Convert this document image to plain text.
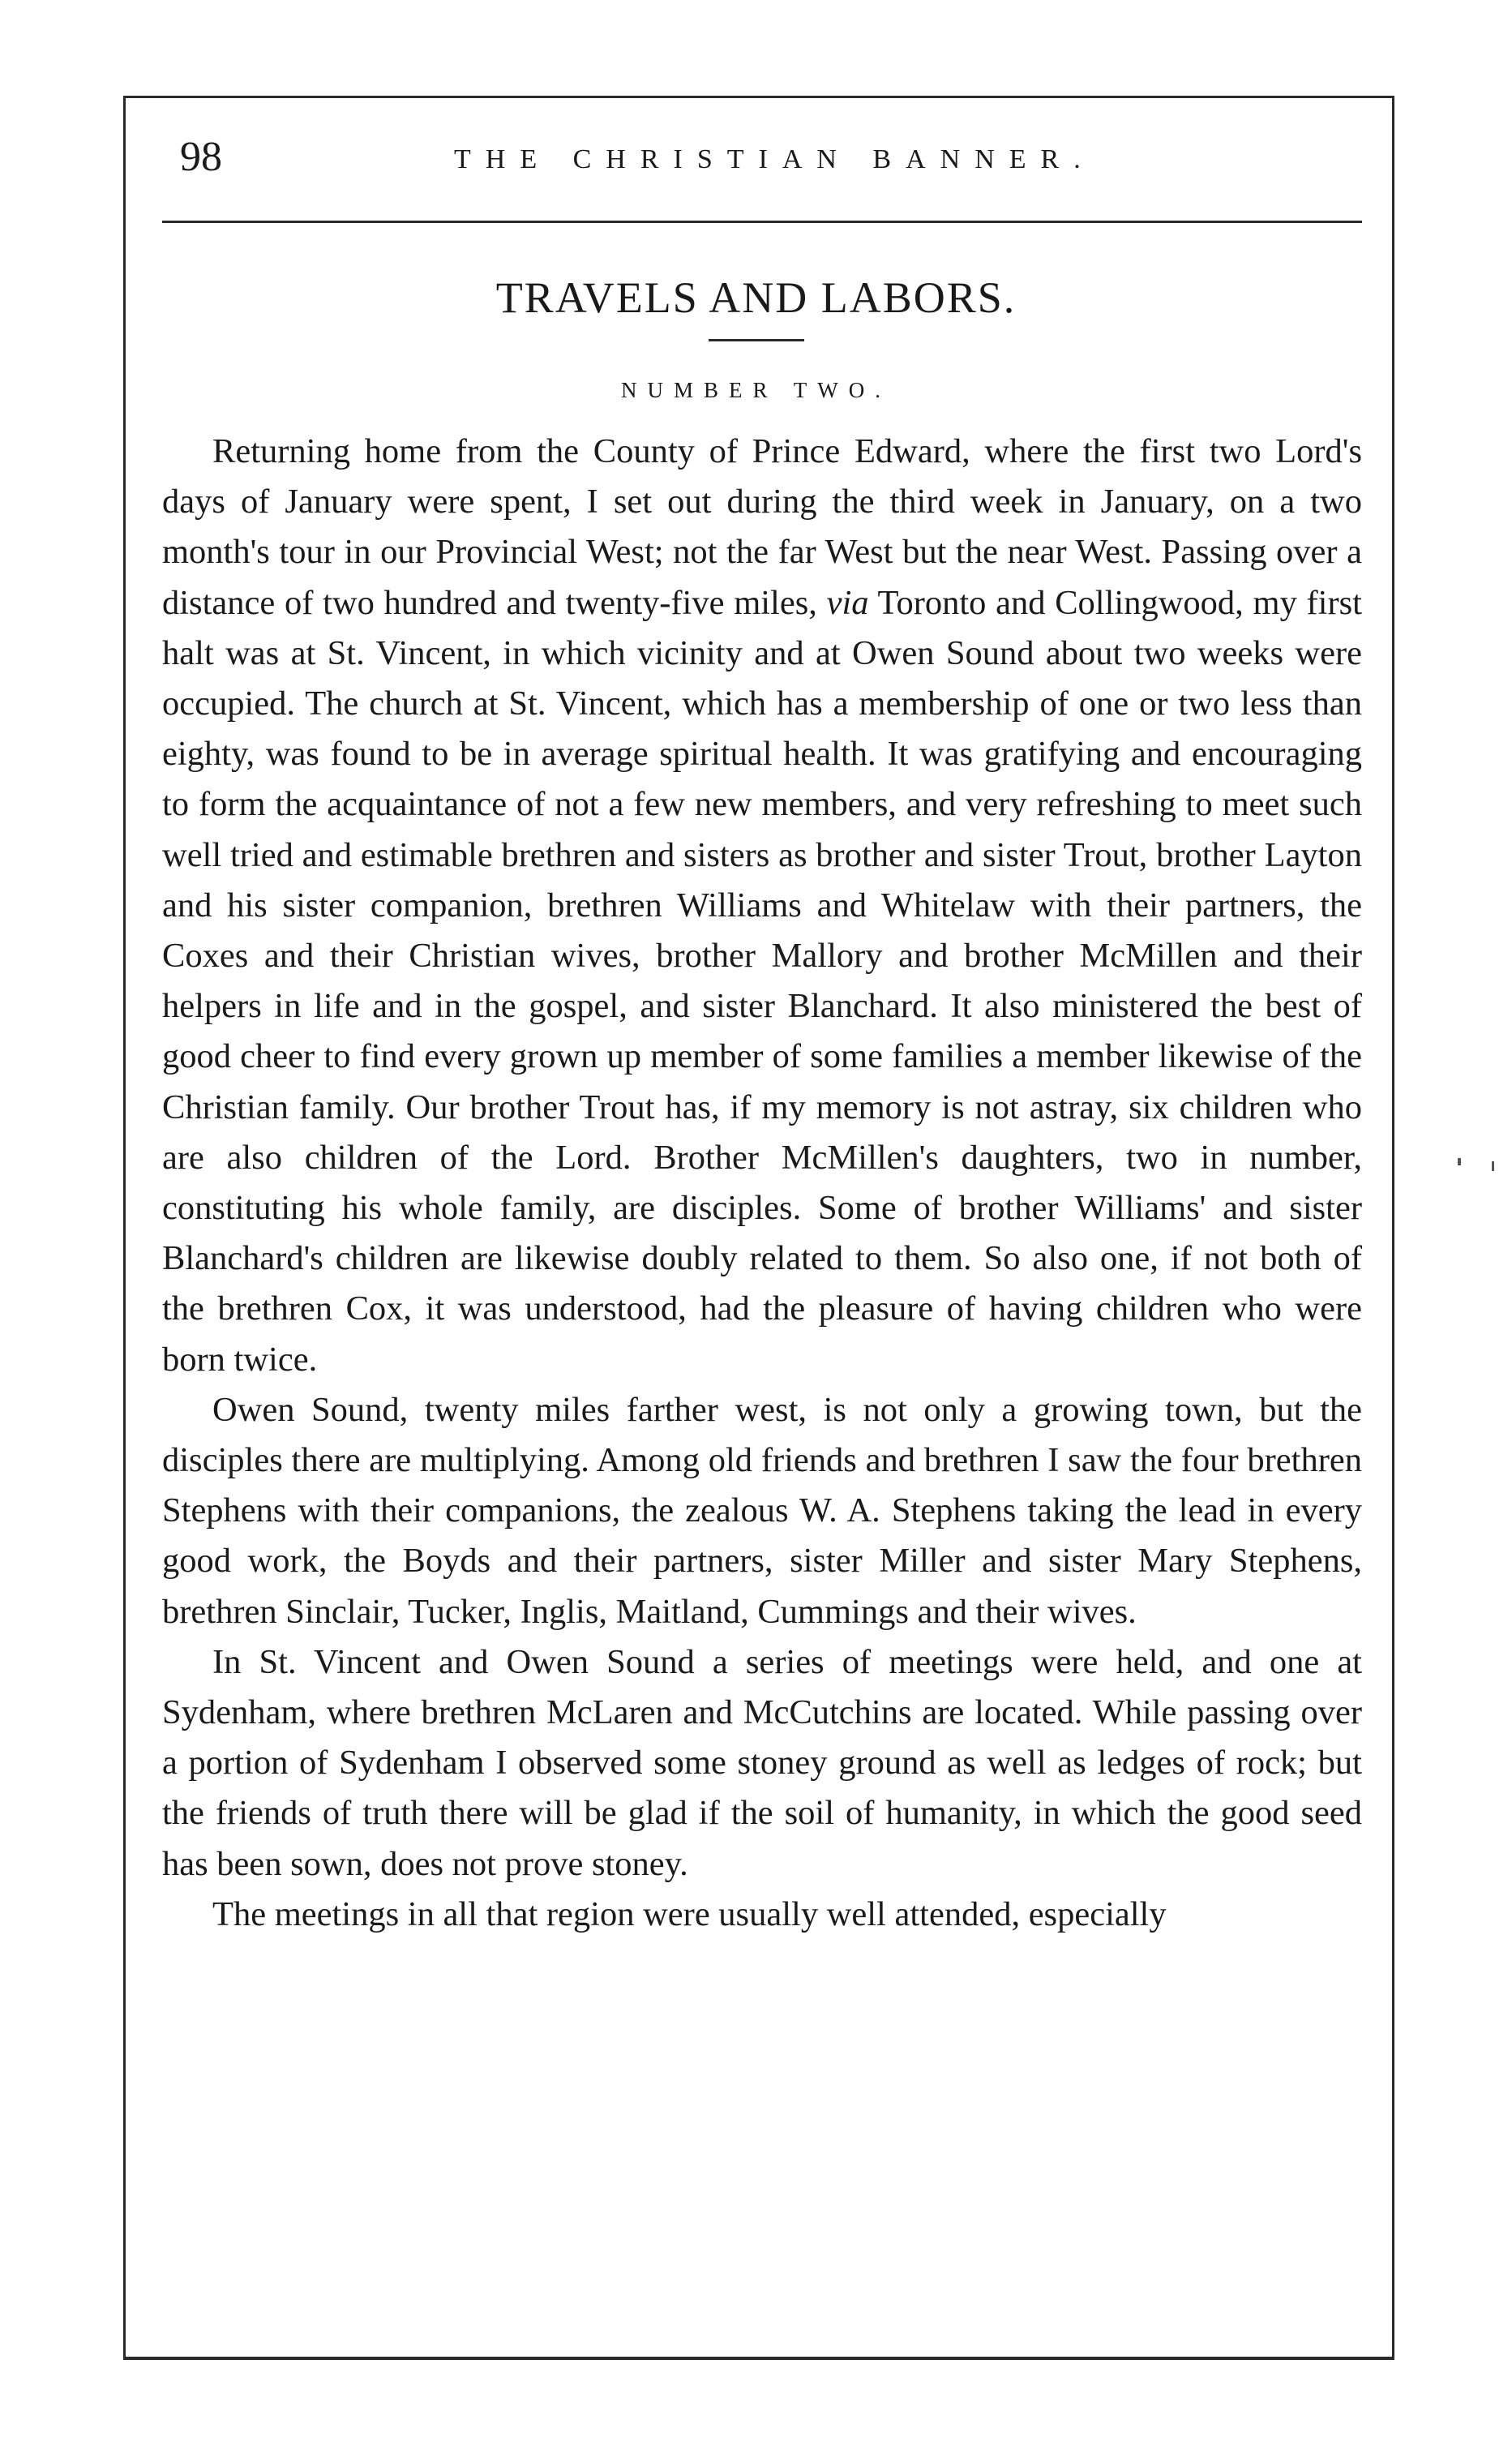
98	THE CHRISTIAN BANNER.
TRAVELS AND LABORS.
NUMBER TWO.

Returning home from the County of Prince Edward, where the first two Lord's days of January were spent, I set out during the third week in January, on a two month's tour in our Provincial West; not the far West but the near West. Passing over a distance of two hundred and twenty-five miles, via Toronto and Collingwood, my first halt was at St. Vincent, in which vicinity and at Owen Sound about two weeks were occupied. The church at St. Vincent, which has a membership of one or two less than eighty, was found to be in average spiritual health. It was gratifying and encouraging to form the acquaintance of not a few new members, and very refreshing to meet such well tried and estimable brethren and sisters as brother and sister Trout, brother Layton and his sister companion, brethren Williams and Whitelaw with their partners, the Coxes and their Christian wives, brother Mallory and brother McMillen and their helpers in life and in the gospel, and sister Blanchard. It also ministered the best of good cheer to find every grown up member of some families a member likewise of the Christian family. Our brother Trout has, if my memory is not astray, six children who are also children of the Lord. Brother McMillen's daughters, two in number, constituting his whole family, are disciples. Some of brother Williams' and sister Blanchard's children are likewise doubly related to them. So also one, if not both of the brethren Cox, it was understood, had the pleasure of having children who were born twice.

Owen Sound, twenty miles farther west, is not only a growing town, but the disciples there are multiplying. Among old friends and brethren I saw the four brethren Stephens with their companions, the zealous W. A. Stephens taking the lead in every good work, the Boyds and their partners, sister Miller and sister Mary Stephens, brethren Sinclair, Tucker, Inglis, Maitland, Cummings and their wives.

In St. Vincent and Owen Sound a series of meetings were held, and one at Sydenham, where brethren McLaren and McCutchins are located. While passing over a portion of Sydenham I observed some stoney ground as well as ledges of rock; but the friends of truth there will be glad if the soil of humanity, in which the good seed has been sown, does not prove stoney.

The meetings in all that region were usually well attended, especially
